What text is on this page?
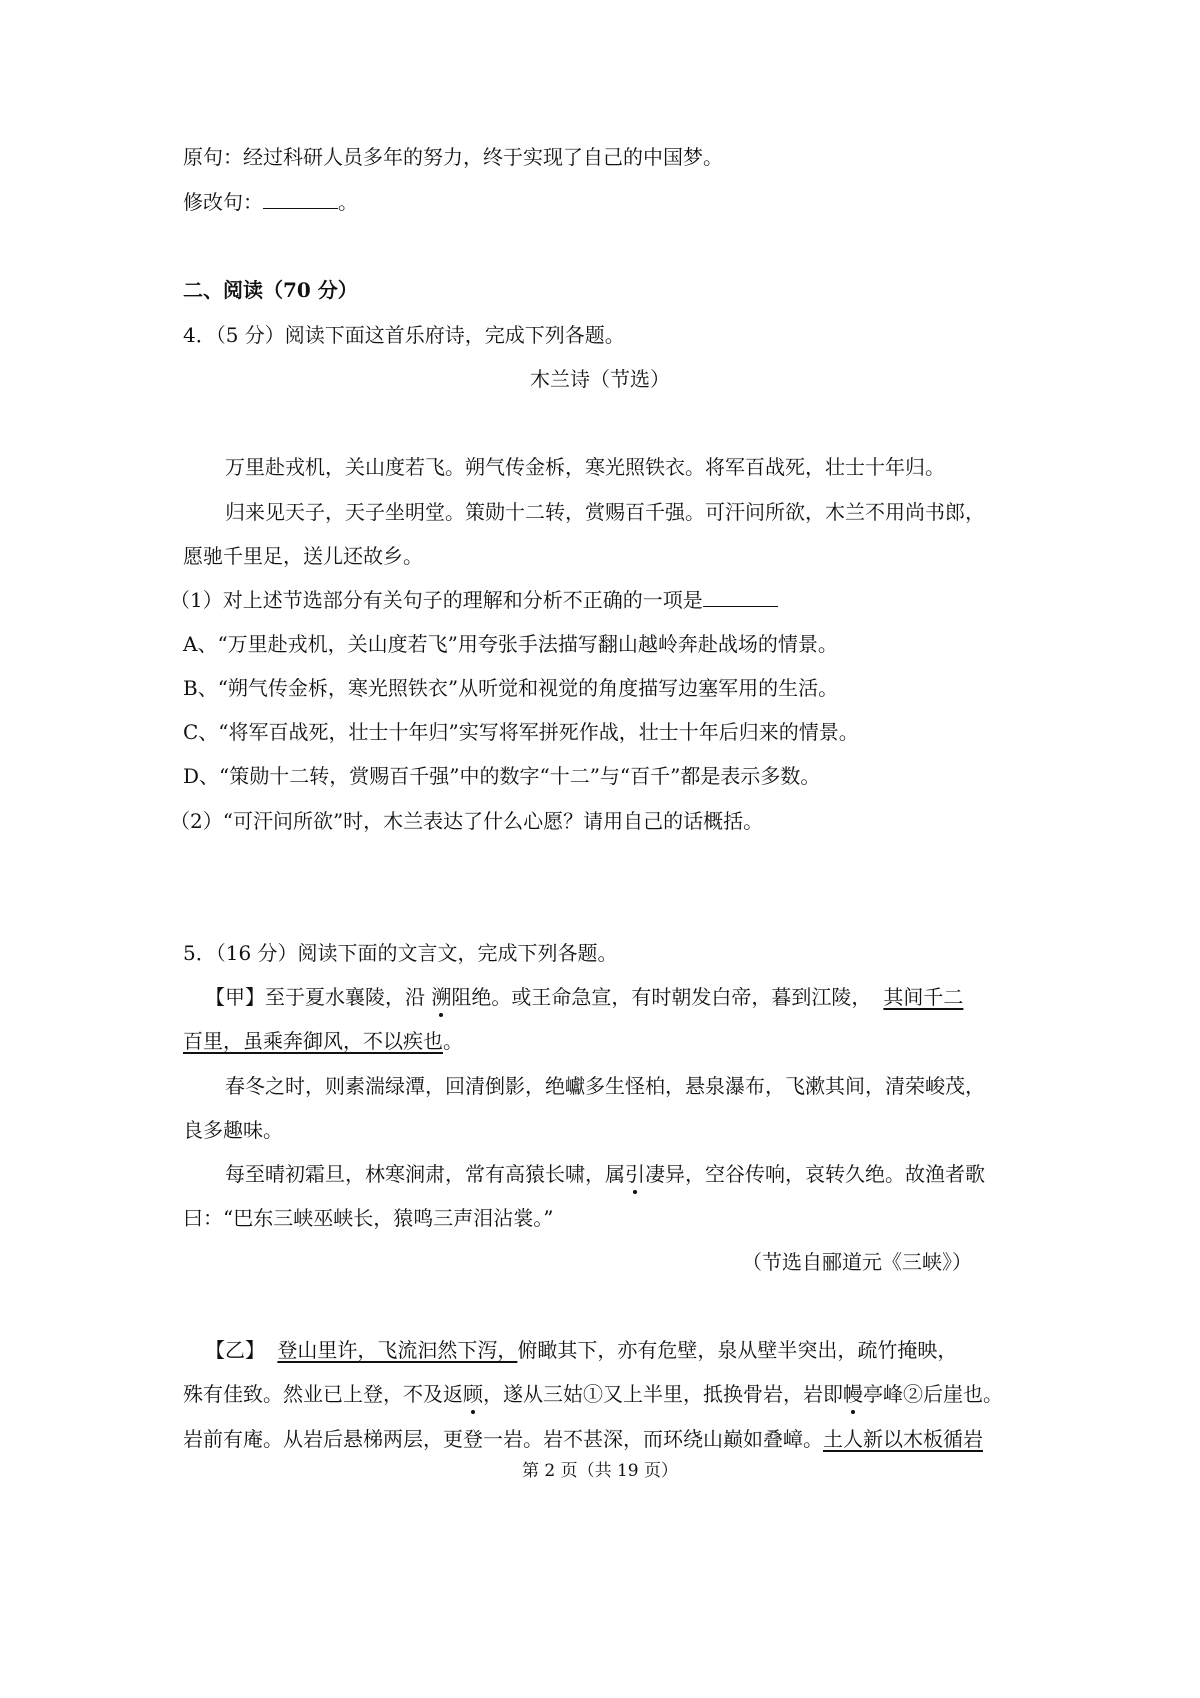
原句：经过科研人员多年的努力，终于实现了自己的中国梦。
修改句：	。
二、阅读（70 分）
4．（5 分）阅读下面这首乐府诗，完成下列各题。
木兰诗（节选）
万里赴戎机，关山度若飞。朔气传金柝，寒光照铁衣。将军百战死，壮士十年归。
归来见天子，天子坐明堂。策勋十二转，赏赐百千强。可汗问所欲，木兰不用尚书郎，
愿驰千里足，送儿还故乡。
（1）对上述节选部分有关句子的理解和分析不正确的一项是
A、“万里赴戎机，关山度若飞”用夸张手法描写翻山越岭奔赴战场的情景。
B、“朔气传金柝，寒光照铁衣”从听觉和视觉的角度描写边塞军用的生活。
C、“将军百战死，壮士十年归”实写将军拼死作战，壮士十年后归来的情景。
D、“策勋十二转，赏赐百千强”中的数字“十二”与“百千”都是表示多数。
（2）“可汗问所欲”时，木兰表达了什么心愿？请用自己的话概括。
5．（16 分）阅读下面的文言文，完成下列各题。
【甲】至于夏水襄陵，沿 溯阻绝。或王命急宣，有时朝发白帝，暮到江陵， 其间千二
百里，虽乘奔御风，不以疾也。
春冬之时，则素湍绿潭，回清倒影，绝巘多生怪柏，悬泉瀑布，飞漱其间，清荣峻茂，
良多趣味。
每至晴初霜旦，林寒涧肃，常有高猿长啸，属引凄异，空谷传响，哀转久绝。故渔者歌
曰：“巴东三峡巫峡长，猿鸣三声泪沾裳。”
（节选自郦道元《三峡》）
【乙】 登山里许，飞流汩然下泻，俯瞰其下，亦有危壁，泉从壁半突出，疏竹掩映，
殊有佳致。然业已上登，不及返顾，遂从三姑①又上半里，抵换骨岩，岩即幔亭峰②后崖也。
岩前有庵。从岩后悬梯两层，更登一岩。岩不甚深，而环绕山巅如叠嶂。土人新以木板循岩
第 2 页（共 19 页）
